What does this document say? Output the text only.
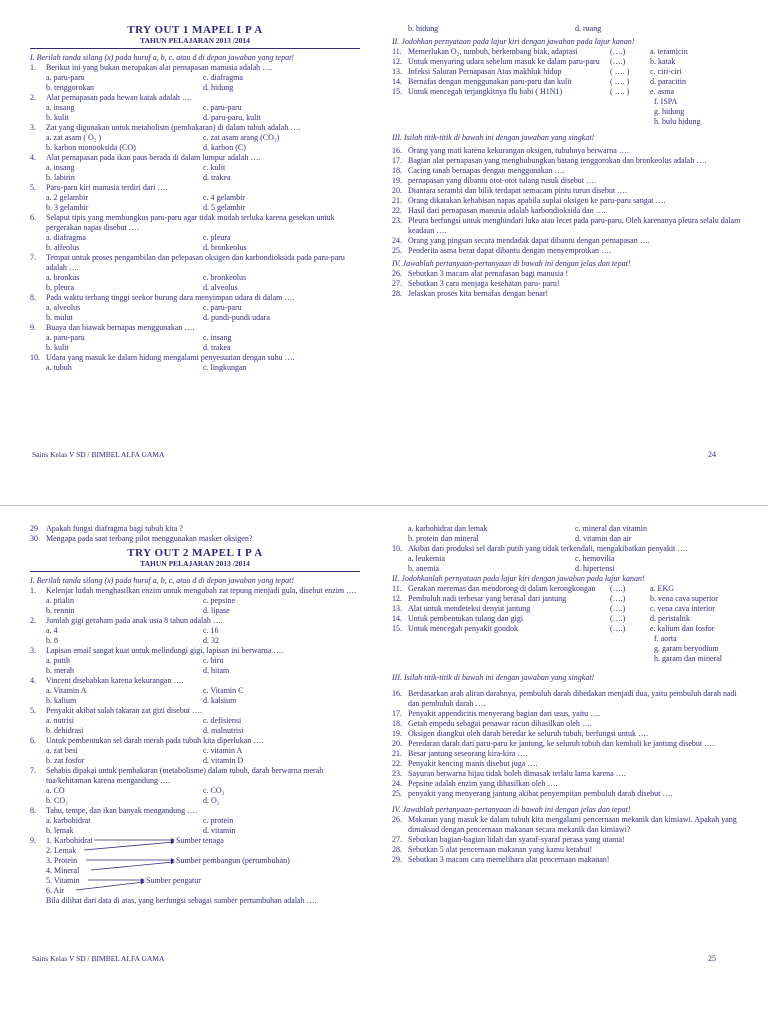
TRY OUT 1 MAPEL I P A
TAHUN PELAJARAN 2013 /2014
I. Berilah tanda silang (x) pada huruf a, b, c, atau d di depan jawaban yang tepat!
1.	Berikut ini yang bukan merupakan alat pernapasan manusia adalah ….
a. paru-paru	c. diafragma
b. tenggorokan	d. hidung
2.	Alat pernapasan pada hewan katak adalah ….
a. insang	c. paru-paru
b. kulit	d. paru-paru, kulit
3.	Zat yang digunakan untuk metabolism (pembakaran) di dalam tubuh adalah ….
a. zat asam ( O₂ )	c. zat asam arang (CO₂)
b. karbon monooksida (CO)	d. karbon (C)
4.	Alat pernapasan pada ikan paus berada di dalam lumpur adalah ….
a. insang	c. kulit
b. labirin	d. trakea
5.	Paru-paru kiri manusia terdiri dari ….
a. 2 gelambir	c. 4 gelambir
b. 3 gelambir	d. 5 gelambir
6.	Selaput tipis yang membungkus paru-paru agar tidak mudah terluka karena gesekan untuk pergerakan napas disebut ….
a. diafragma	c. pleura
b. alfeolus	d. bronkeolus
7.	Tempat untuk proses pengambilan dan pelepasan oksigen dan karbondioksida pada paru-paru adalah ….
a. bronkus	c. bronkeolus
b. pleura	d. alveolus
8.	Pada waktu terbang tinggi seekor burung dara menyimpan udara di dalam ….
a. alveolus	c. paru-paru
b. mulut	d. pundi-pundi udara
9.	Buaya dan biawak bernapas menggunakan ….
a. paru-paru	c. insang
b. kulit	d. trakea
10. Udara yang masuk ke dalam hidung mengalami penyesuaian dengan suhu ….
a. tubuh	c. lingkungan
b. hidung	d. ruang
II. Jodohkan pernyataan pada lajur kiri dengan jawaban pada lajur kanan!
11. Memerlukan O₂, tumbuh, berkembang biak, adaptasi	(….)	a. teramicin
12. Untuk menyaring udara sebelum masuk ke dalam paru-paru	(….)	b. katak
13. Infeksi Saluran Pernapasan Atas makhluk hidup	( …. )	c. ciri-ciri
14. Bernafas dengan menggunakan paru-paru dan kulit	( …. )	d. paracitin
15. Untuk mencegah terjangkitnya flu babi ( H1N1)	( …. )	e. asma
f. ISPA
g. hidung
h. bulu hidung
III. Isilah titik-titik di bawah ini dengan jawaban yang singkat!
16. Orang yang mati karena kekurangan oksigen, tubuhnya berwarna ….
17. Bagian alat pernapasan yang menghubungkan batang tenggorokan dan bronkeolus adalah ….
18. Cacing tanah bernapas dengan menggunakan ….
19. pernapasan yang dibantu otot-otot tulang rusuk disebut ….
20. Diantara serambi dan bilik terdapat semacam pintu turun disebut ….
21. Orang dikatakan kehabisan napas apabila suplai oksigen ke paru-paru sangat ….
22. Hasil dari pernapasan manusia adalah karbondioksida dan ….
23. Pleura berfungsi untuk menghindari luka atau lecet pada paru-paru. Oleh karenanya pleura selalu dalam keadaan ….
24. Orang yang pingsan secara mendadak dapat dibantu dengan pernapasan ….
25. Penderita asma berat dapat dibantu dengan menyemprotkan ….
IV. Jawablah pertanyaan-pertanyaan di bawah ini dengan jelas dan tepat!
26. Sebutkan 3 macam alat pernafasan bagi manusia !
27. Sebutkan 3 cara menjaga kesehatan paru- paru!
28. Jelaskan proses kita bernafas dengan benar!
Sains Kelas V SD / BIMBEL ALFA GAMA	24
29	Apakah fungsi diafragma bagi tubuh kita ?
30	Mengapa pada saat terbang pilot menggunakan masker oksigen?
TRY OUT 2 MAPEL I P A
TAHUN PELAJARAN 2013 /2014
I. Berilah tanda silang (x) pada huruf a, b, c, atau d di depan jawaban yang tepat!
1.	Kelenjar ludah menghasilkan enzim untuk mengubah zat tepung menjadi gula, disebut enzim ….
a. ptialin	c. pepsine
b. rennin	d. lipase
2.	Jumlah gigi geraham pada anak usia 8 tahun adalah ….
a. 4	c. 16
b. 8	d. 32
3.	Lapisan email sangat kuat untuk melindungi gigi, lapisan ini berwarna ….
a. putih	c. biru
b. merah	d. hitam
4.	Vincent disebabkan karena kekurangan ….
a. Vitamin A	c. Vitamin C
b. kalium	d. kalsium
5.	Penyakit akibat salah takaran zat gizi disebut ….
a. nutrisi	c. defisiensi
b. dehidrasi	d. malnutrisi
6.	Untuk pembentukan sel darah merah pada tubuh kita diperlukan ….
a. zat besi	c. vitamin A
b. zat fosfor	d. vitamin D
7.	Sehabis dipakai untuk pembakaran (metabolisme) dalam tubuh, darah berwarna merah tua/kehitaman karena mengandung ….
a. CO	c. CO₂
b. CO₂	d. O₂
8.	Tahu, tempe, dan ikan banyak mengandung ….
a. karbohidrat	c. protein
b. lemak	d. vitamin
9.	1. Karbohidrat
2. Lemak
3. Protein
4. Mineral
5. Vitamin
6. Air
Sumber tenaga
Sumber pembangun (pertumbuhan)
Sumber pengatur
Bila dilihat dari data di atas, yang berfungsi sebagai sumber pertumbuhan adalah ….
a. karbohidrat dan lemak	c. mineral dan vitamin
b. protein dan mineral	d. vitamin dan air
10. Akibat dari produksi sel darah putih yang tidak terkendali, mengakibatkan penyakit ….
a. leukemia	c. hemovilia
b. anemia	d. hipertensi
II. Jodohkanlah pernyataan pada lajur kiri dengan jawaban pada lajur kanan!
11. Gerakan meremas dan mendorong di dalam kerongkongan	(….)	a. EKG
12. Pembuluh nadi terbesar yang berasal dari jantung	(….)	b. vena cava superior
13. Alat untuk mendeteksi denyut jantung	(….)	c. vena cava interior
14. Untuk pembentukan tulang dan gigi	(….)	d. peristaltik
15. Untuk mencegah penyakit gondok	(….)	e. kalium dan fosfor
f. aorta
g. garam beryodium
h. garam dan mineral
III. Isilah titik-titik di bawah ini dengan jawaban yang singkat!
16. Berdasarkan arah aliran darahnya, pembuluh darah dibedakan menjadi dua, yaitu pembuluh darah nadi dan pembuluh darah ….
17. Penyakit appendicitis menyerang bagian dari usus, yaitu ….
18. Getah empedu sebagai penawar racun dihasilkan oleh ….
19. Oksigen diangkut oleh darah beredar ke seluruh tubuh, berfungsi untuk ….
20. Peredaran darah dari paru-paru ke jantung, ke seluruh tubuh dan kembali ke jantung disebut ….
21. Besar jantung seseorang kira-kira ….
22. Penyakit kencing manis disebut juga ….
23. Sayuran berwarna hijau tidak boleh dimasak terlalu lama karena ….
24. Pepsine adalah enzim yang dihasilkan oleh ….
25. penyakit yang menyerang jantung akibat penyempitan pembuluh darah disebut ….
IV. Jawablah pertanyaan-pertanyaan di bawah ini dengan jelas dan tepat!
26. Makanan yang masuk ke dalam tubuh kita mengalami pencernaan mekanik dan kimiawi. Apakah yang dimaksud dengan pencernaan makanan secara mekanik dan kimiawi?
27. Sebutkan bagian-bagian lidah dan syaraf-syaraf perasa yang utama!
28. Sebutkan 5 alat pencernaan makanan yang kamu ketahui!
29. Sebutkan 3 macam cara memelihara alat pencernaan makanan!
Sains Kelas V SD / BIMBEL ALFA GAMA	25
